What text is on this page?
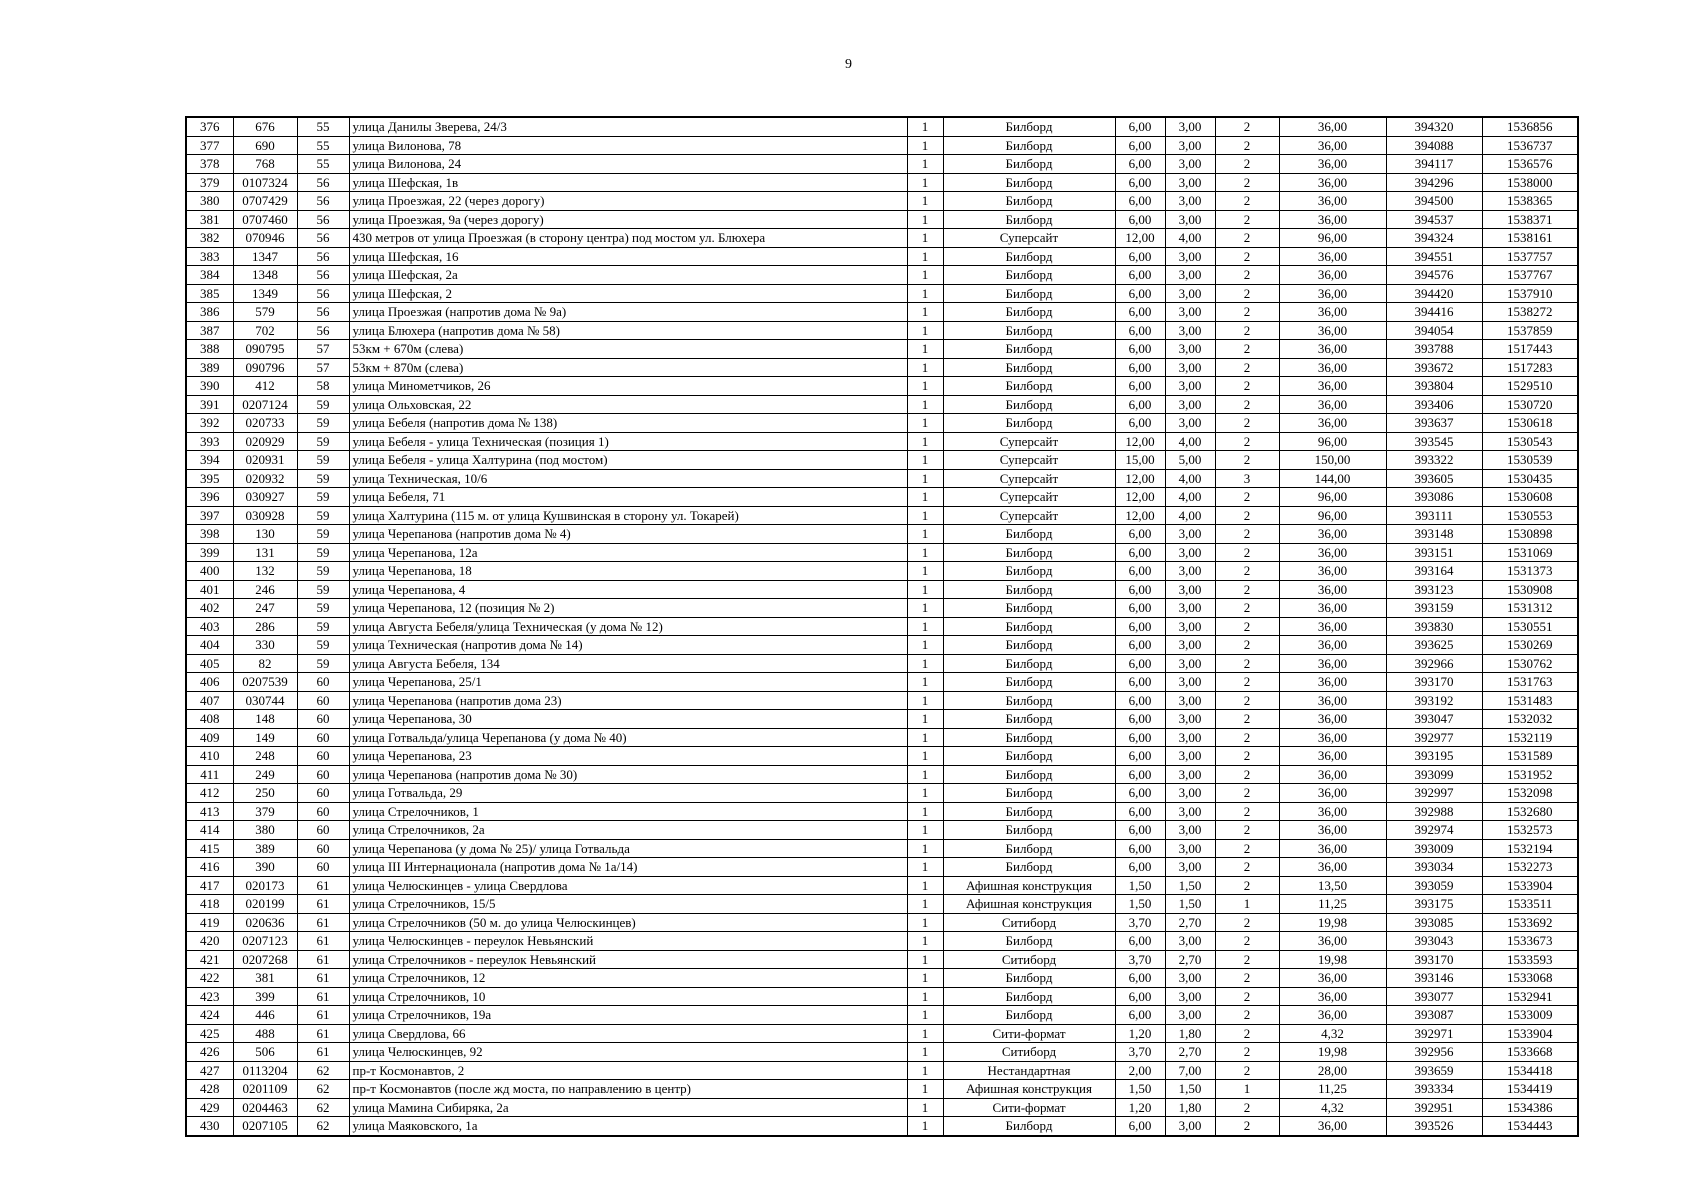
9
376	676	55	улица Данилы Зверева, 24/3	1	Билборд	6,00	3,00	2	36,00	394320	1536856
377	690	55	улица Вилонова, 78	1	Билборд	6,00	3,00	2	36,00	394088	1536737
378	768	55	улица Вилонова, 24	1	Билборд	6,00	3,00	2	36,00	394117	1536576
379	0107324	56	улица Шефская, 1в	1	Билборд	6,00	3,00	2	36,00	394296	1538000
380	0707429	56	улица Проезжая, 22 (через дорогу)	1	Билборд	6,00	3,00	2	36,00	394500	1538365
381	0707460	56	улица Проезжая, 9а (через дорогу)	1	Билборд	6,00	3,00	2	36,00	394537	1538371
382	070946	56	430 метров от улица Проезжая (в сторону центра) под мостом ул. Блюхера	1	Суперсайт	12,00	4,00	2	96,00	394324	1538161
383	1347	56	улица Шефская, 16	1	Билборд	6,00	3,00	2	36,00	394551	1537757
384	1348	56	улица Шефская, 2а	1	Билборд	6,00	3,00	2	36,00	394576	1537767
385	1349	56	улица Шефская, 2	1	Билборд	6,00	3,00	2	36,00	394420	1537910
386	579	56	улица Проезжая (напротив дома № 9а)	1	Билборд	6,00	3,00	2	36,00	394416	1538272
387	702	56	улица Блюхера (напротив дома № 58)	1	Билборд	6,00	3,00	2	36,00	394054	1537859
388	090795	57	53км + 670м (слева)	1	Билборд	6,00	3,00	2	36,00	393788	1517443
389	090796	57	53км + 870м (слева)	1	Билборд	6,00	3,00	2	36,00	393672	1517283
390	412	58	улица Минометчиков, 26	1	Билборд	6,00	3,00	2	36,00	393804	1529510
391	0207124	59	улица Ольховская, 22	1	Билборд	6,00	3,00	2	36,00	393406	1530720
392	020733	59	улица Бебеля (напротив дома № 138)	1	Билборд	6,00	3,00	2	36,00	393637	1530618
393	020929	59	улица Бебеля - улица Техническая (позиция 1)	1	Суперсайт	12,00	4,00	2	96,00	393545	1530543
394	020931	59	улица Бебеля - улица Халтурина (под мостом)	1	Суперсайт	15,00	5,00	2	150,00	393322	1530539
395	020932	59	улица Техническая, 10/6	1	Суперсайт	12,00	4,00	3	144,00	393605	1530435
396	030927	59	улица Бебеля, 71	1	Суперсайт	12,00	4,00	2	96,00	393086	1530608
397	030928	59	улица Халтурина (115 м. от улица Кушвинская в сторону ул. Токарей)	1	Суперсайт	12,00	4,00	2	96,00	393111	1530553
398	130	59	улица Черепанова (напротив дома № 4)	1	Билборд	6,00	3,00	2	36,00	393148	1530898
399	131	59	улица Черепанова, 12а	1	Билборд	6,00	3,00	2	36,00	393151	1531069
400	132	59	улица Черепанова, 18	1	Билборд	6,00	3,00	2	36,00	393164	1531373
401	246	59	улица Черепанова, 4	1	Билборд	6,00	3,00	2	36,00	393123	1530908
402	247	59	улица Черепанова, 12 (позиция № 2)	1	Билборд	6,00	3,00	2	36,00	393159	1531312
403	286	59	улица Августа Бебеля/улица Техническая (у дома № 12)	1	Билборд	6,00	3,00	2	36,00	393830	1530551
404	330	59	улица Техническая (напротив дома № 14)	1	Билборд	6,00	3,00	2	36,00	393625	1530269
405	82	59	улица Августа Бебеля, 134	1	Билборд	6,00	3,00	2	36,00	392966	1530762
406	0207539	60	улица Черепанова, 25/1	1	Билборд	6,00	3,00	2	36,00	393170	1531763
407	030744	60	улица Черепанова (напротив дома 23)	1	Билборд	6,00	3,00	2	36,00	393192	1531483
408	148	60	улица Черепанова, 30	1	Билборд	6,00	3,00	2	36,00	393047	1532032
409	149	60	улица Готвальда/улица Черепанова (у дома № 40)	1	Билборд	6,00	3,00	2	36,00	392977	1532119
410	248	60	улица Черепанова, 23	1	Билборд	6,00	3,00	2	36,00	393195	1531589
411	249	60	улица Черепанова (напротив дома № 30)	1	Билборд	6,00	3,00	2	36,00	393099	1531952
412	250	60	улица Готвальда, 29	1	Билборд	6,00	3,00	2	36,00	392997	1532098
413	379	60	улица Стрелочников, 1	1	Билборд	6,00	3,00	2	36,00	392988	1532680
414	380	60	улица Стрелочников, 2а	1	Билборд	6,00	3,00	2	36,00	392974	1532573
415	389	60	улица Черепанова (у дома № 25)/ улица Готвальда	1	Билборд	6,00	3,00	2	36,00	393009	1532194
416	390	60	улица III Интернационала (напротив дома № 1а/14)	1	Билборд	6,00	3,00	2	36,00	393034	1532273
417	020173	61	улица Челюскинцев - улица Свердлова	1	Афишная конструкция	1,50	1,50	2	13,50	393059	1533904
418	020199	61	улица Стрелочников, 15/5	1	Афишная конструкция	1,50	1,50	1	11,25	393175	1533511
419	020636	61	улица Стрелочников (50 м. до улица Челюскинцев)	1	Ситиборд	3,70	2,70	2	19,98	393085	1533692
420	0207123	61	улица Челюскинцев - переулок Невьянский	1	Билборд	6,00	3,00	2	36,00	393043	1533673
421	0207268	61	улица Стрелочников - переулок Невьянский	1	Ситиборд	3,70	2,70	2	19,98	393170	1533593
422	381	61	улица Стрелочников, 12	1	Билборд	6,00	3,00	2	36,00	393146	1533068
423	399	61	улица Стрелочников, 10	1	Билборд	6,00	3,00	2	36,00	393077	1532941
424	446	61	улица Стрелочников, 19а	1	Билборд	6,00	3,00	2	36,00	393087	1533009
425	488	61	улица Свердлова, 66	1	Сити-формат	1,20	1,80	2	4,32	392971	1533904
426	506	61	улица Челюскинцев, 92	1	Ситиборд	3,70	2,70	2	19,98	392956	1533668
427	0113204	62	пр-т Космонавтов, 2	1	Нестандартная	2,00	7,00	2	28,00	393659	1534418
428	0201109	62	пр-т Космонавтов (после жд моста, по направлению в центр)	1	Афишная конструкция	1,50	1,50	1	11,25	393334	1534419
429	0204463	62	улица Мамина Сибиряка, 2а	1	Сити-формат	1,20	1,80	2	4,32	392951	1534386
430	0207105	62	улица Маяковского, 1а	1	Билборд	6,00	3,00	2	36,00	393526	1534443
